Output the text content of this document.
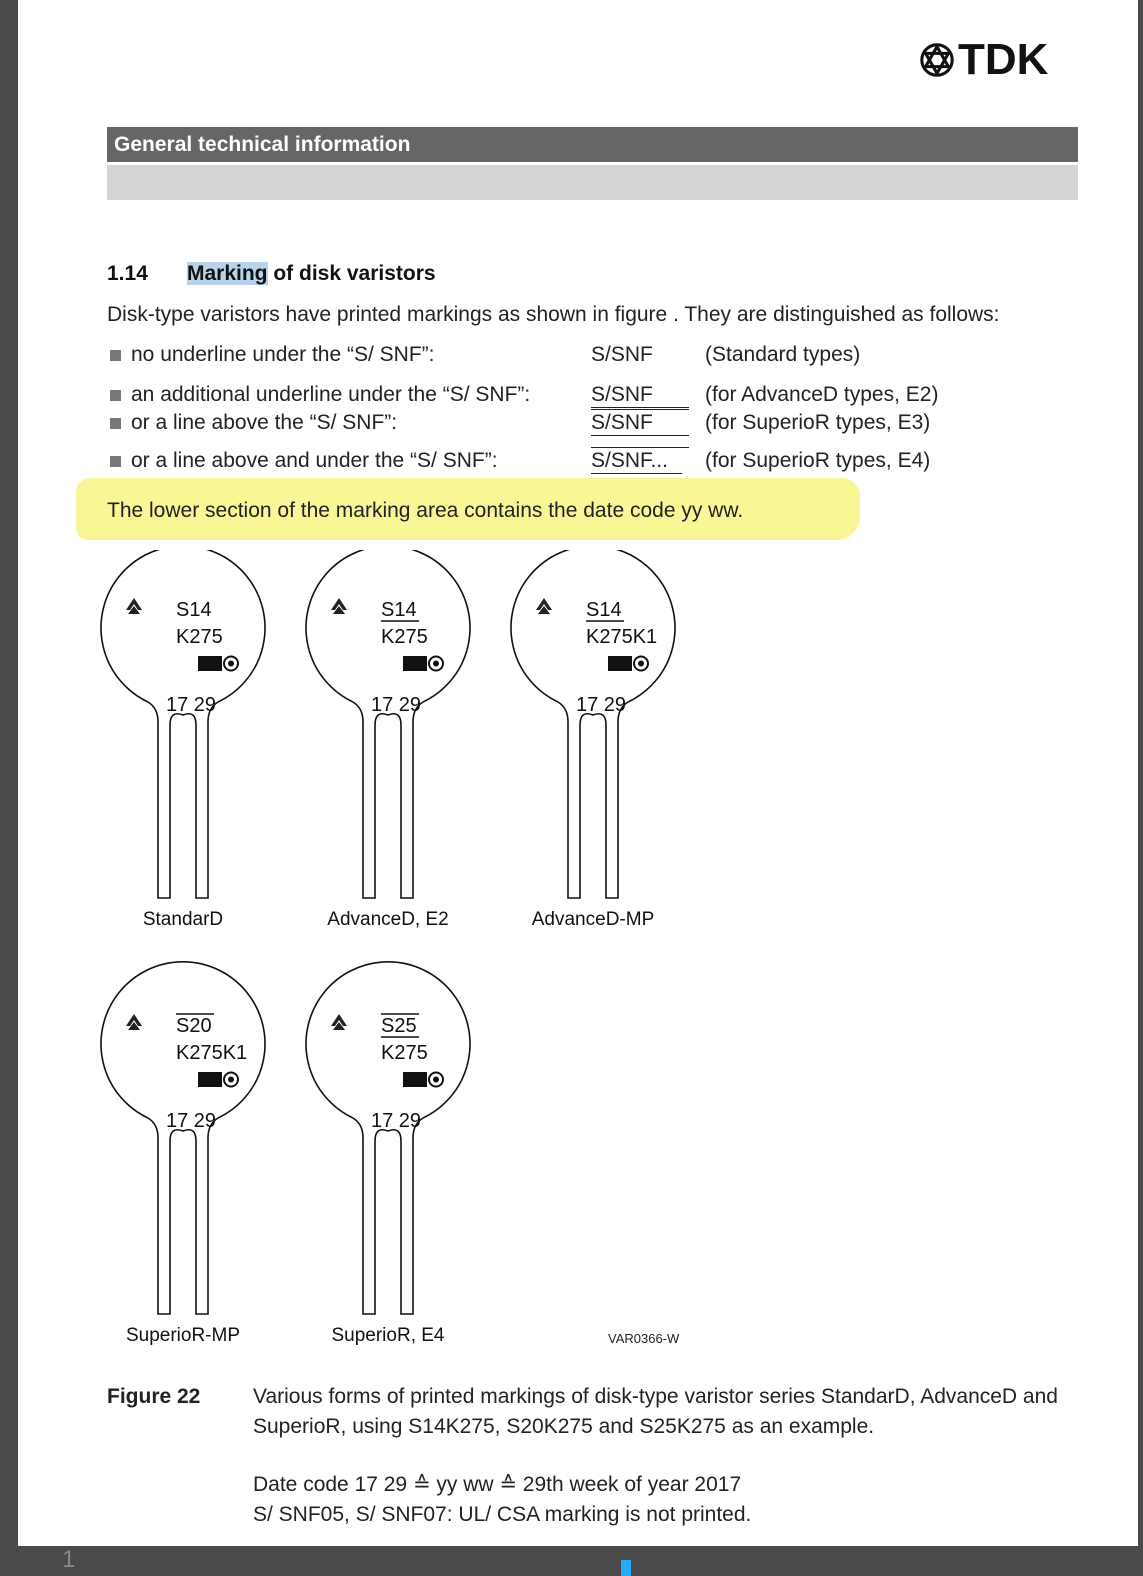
TDK
General technical information
1.14 Marking of disk varistors
Disk-type varistors have printed markings as shown in figure . They are distinguished as follows:
no underline under the “S/ SNF”:	S/SNF (Standard types)
an additional underline under the “S/ SNF”:	S/SNF	(for AdvanceD types, E2)
or a line above the “S/ SNF”:	S/SNF	(for SuperioR types, E3)
or a line above and under the “S/ SNF”:	S/SNF...	(for SuperioR types, E4)
The lower section of the marking area contains the date code yy ww.
S14
K275
17 29
StandarD
S14
K275
17 29
AdvanceD, E2
S14
K275K1
17 29
AdvanceD-MP
S20
K275K1
17 29
SuperioR-MP
S25
K275
17 29
SuperioR, E4	VAR0366-W
Figure 22	Various forms of printed markings of disk-type varistor series StandarD, AdvanceD and SuperioR, using S14K275, S20K275 and S25K275 as an example.
Date code 17 29 ≙ yy ww ≙ 29th week of year 2017
S/ SNF05, S/ SNF07: UL/ CSA marking is not printed.
1
